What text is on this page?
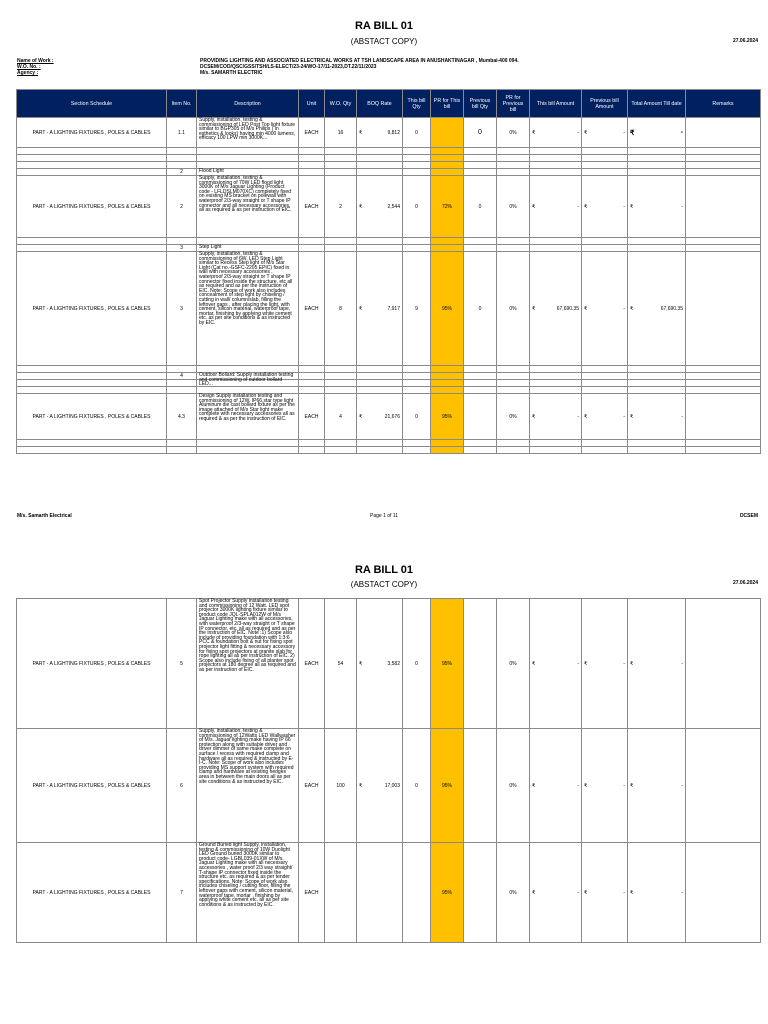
RA BILL 01
(ABSTACT COPY)	27.06.2024
Name of Work :
W.O. No. :
Agency :
PROVIDING LIGHTING AND ASSOCIATED ELECTRICAL WORKS AT TSH LANDSCAPE AREA IN ANUSHAKTINAGAR , Mumbai-400 094.
DCSEM/COD/QSC/GSS/TSH/LS-ELECT/23-24/WO-17/11-2023,DT.22/11/2023
M/s. SAMARTH ELECTRIC
Section Schedule	Item No.	Description	Unit	W.O. Qty	BOQ Rate	This bill Qty	PR for This bill	Previous bill Qty	PR for Previous bill	This bill Amount	Previous bill Amount	Total Amount Till date	Remarks
PART - A LIGHTING FIXTURES , POLES & CABLES	1.1	Supply, installation, testing & commissioning of LED Post Top light fixture similar to BGP305 of M/s Philips ( in esthetics & looks) having min 4000 lumens, efficacy 100 LPW min 3000K...	EACH	16	₹ 9,812	0		0	0%	₹ -	₹ -	₹ -	

	2	Flood Light											
PART - A LIGHTING FIXTURES , POLES & CABLES	2	Supply, installation, testing & commissioning of 70W LED flood light 3000K of M/s Jaguar Lighting (Product code - LFLDSLM070XC) completely fixed on existing MS bracket on polewall with waterproof 2/3-way straight or T shape IP connector and all necessary accessories, all as required & as per instruction of EIC.	EACH	2	₹ 2,544	0	72%	0	0%	₹ -	₹ -	₹ -	

	3	Step Light											
PART - A LIGHTING FIXTURES , POLES & CABLES	3	Supply, installation, testing & commissioning of 6W, LED Step Light similar to Recess Step light of M/s Star Light (Cat no.-GSFC-2205 EPIC) fixed in wall with necessary accessories , waterproof 2/3-way straight or T shape IP connector fixed inside the structure, etc all as required and as per the instruction of EIC. Note: Scope of work also includes concealment of step light by chiseling / cutting in wall/ column/slab, filling the leftover gaps , after placing the light, with cement, silicon material, waterproof tape, mortar, finishing by applying white cement etc. as per site conditions & as instructed by EIC.	EACH	8	₹ 7,917	9	95%	0	0%	₹ 67,690.35	₹ -	₹ 67,690.35	

	4	Outdoor Bollard: Supply installation testing and commissioning of outdoor bollard LED...											

PART - A LIGHTING FIXTURES , POLES & CABLES	4.3	Design Supply installation testing and commissioning of 12W, IP66,star type light Aluminum die cast bollard fixture as per the image attached of M/s Star light make complete with necessary accessories all as required & as per the instruction of EIC.	EACH	4	₹ 21,676	0	95%		0%	₹ -	₹ -	₹ -	

M/s. Samarth Electrical	Page 1 of 11	DCSEM
RA BILL 01
(ABSTACT COPY)	27.06.2024
PART - A LIGHTING FIXTURES , POLES & CABLES	5	Spot Projector Supply installation testing and commissioning of 12 Watt. LED spot projector 3000K lighting fixture similar to product code JQL-SPLA012W of M/s Jaguar Lighting make with all accessories, with waterproof 2/3-way straight or T shape IP connector, etc. all as required and as per the instruction of EIC. Note :1) Scope also include of providing foundation with 1:3:6 PCC & foundation bolt & nut for fixing spot projector light fitting & necessary accessory for fixing spot projectors at granite slab for rope lighting all as per instruction of EIC. 2) Scope also include fixing of all planter spot projectors at 180 degree all as required and as per instruction of EIC.	EACH	54	₹ 3,582	0	95%		0%	₹ -	₹ -	₹ -	

PART - A LIGHTING FIXTURES , POLES & CABLES	6	Supply, installation, testing & commissioning of 12Watts LED Wallwasher of M/s. Jaguar lighting make having IP 66 protection along with suitable driver and driver dimmer of same make complete on surface / recess with required clamp and hardware all as required & instructed by E-I-C. Note: Scope of work also includes providing MS support system with required clamp and hardware at existing hedges area in between the main doors all as per site conditions & as instructed by EIC.	EACH	100	₹ 17,003	0	95%		0%	₹ -	₹ -	₹ -	

PART - A LIGHTING FIXTURES , POLES & CABLES	7	Ground Buried light Supply, installation, testing & commissioning of 10W Duolight LED Ground buried 3000K similar to product code- LGBL039-01XW of M/s. Jaguar Lighting make with all necessary accessories , water proof 2/3 way straight/ T-shape IP connector fixed inside the structure etc. as required & as per tender specifications. Note: Scope of work also includes chiseling / cutting floor, filling the leftover gaps with cement, silicon material, waterproof tape, mortar , finishing by applying white cement etc. all as per site conditions & as instructed by EIC.	EACH				95%		0%	₹ -	₹ -	₹ -	
